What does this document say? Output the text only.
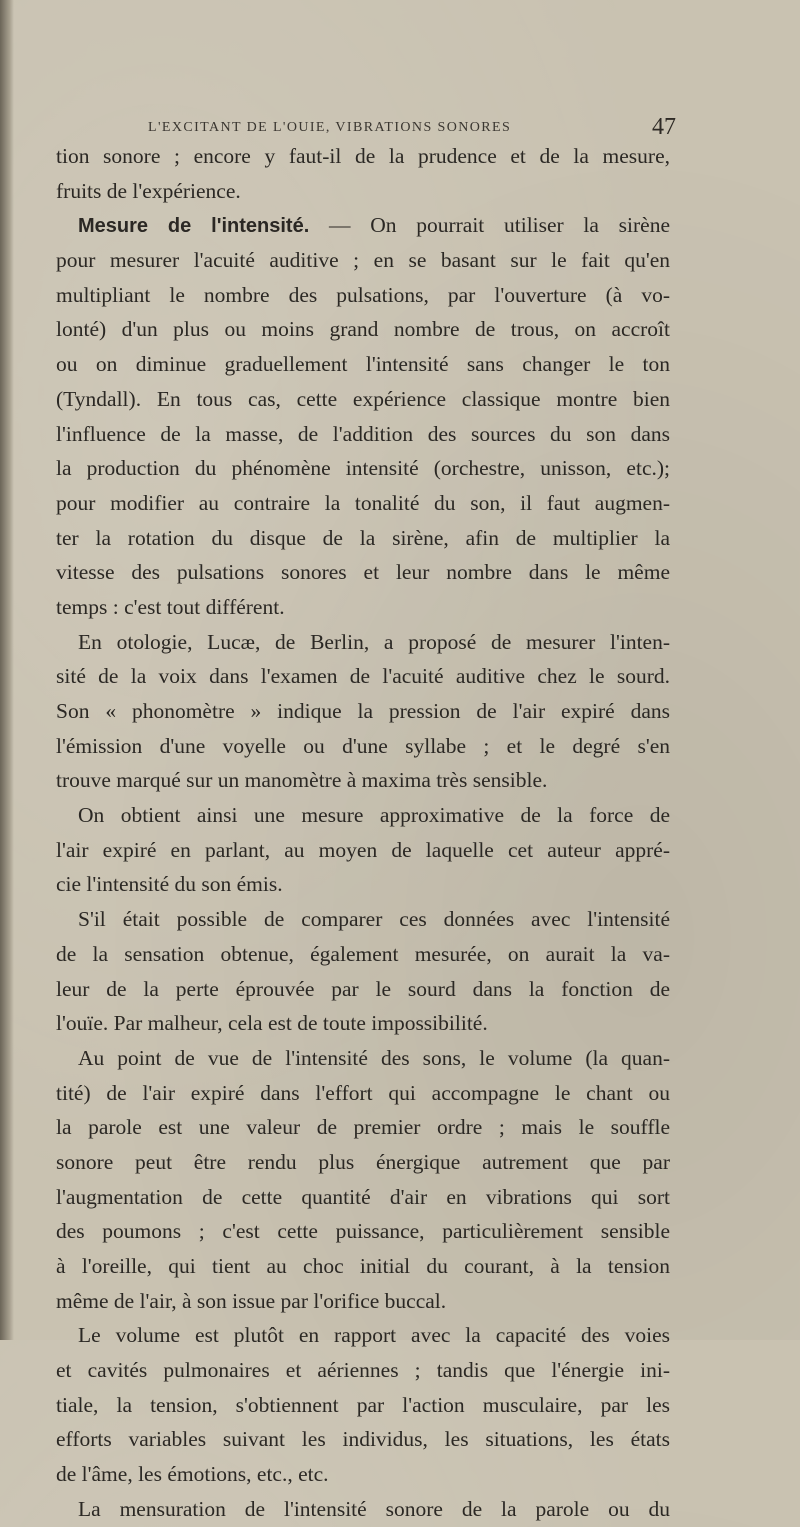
L'EXCITANT DE L'OUIE, VIBRATIONS SONORES	47
tion sonore ; encore y faut-il de la prudence et de la mesure,
fruits de l'expérience.
Mesure de l'intensité. — On pourrait utiliser la sirène
pour mesurer l'acuité auditive ; en se basant sur le fait qu'en
multipliant le nombre des pulsations, par l'ouverture (à vo-
lonté) d'un plus ou moins grand nombre de trous, on accroît
ou on diminue graduellement l'intensité sans changer le ton
(Tyndall). En tous cas, cette expérience classique montre bien
l'influence de la masse, de l'addition des sources du son dans
la production du phénomène intensité (orchestre, unisson, etc.);
pour modifier au contraire la tonalité du son, il faut augmen-
ter la rotation du disque de la sirène, afin de multiplier la
vitesse des pulsations sonores et leur nombre dans le même
temps : c'est tout différent.
En otologie, Lucæ, de Berlin, a proposé de mesurer l'inten-
sité de la voix dans l'examen de l'acuité auditive chez le sourd.
Son « phonomètre » indique la pression de l'air expiré dans
l'émission d'une voyelle ou d'une syllabe ; et le degré s'en
trouve marqué sur un manomètre à maxima très sensible.
On obtient ainsi une mesure approximative de la force de
l'air expiré en parlant, au moyen de laquelle cet auteur appré-
cie l'intensité du son émis.
S'il était possible de comparer ces données avec l'intensité
de la sensation obtenue, également mesurée, on aurait la va-
leur de la perte éprouvée par le sourd dans la fonction de
l'ouïe. Par malheur, cela est de toute impossibilité.
Au point de vue de l'intensité des sons, le volume (la quan-
tité) de l'air expiré dans l'effort qui accompagne le chant ou
la parole est une valeur de premier ordre ; mais le souffle
sonore peut être rendu plus énergique autrement que par
l'augmentation de cette quantité d'air en vibrations qui sort
des poumons ; c'est cette puissance, particulièrement sensible
à l'oreille, qui tient au choc initial du courant, à la tension
même de l'air, à son issue par l'orifice buccal.
Le volume est plutôt en rapport avec la capacité des voies
et cavités pulmonaires et aériennes ; tandis que l'énergie ini-
tiale, la tension, s'obtiennent par l'action musculaire, par les
efforts variables suivant les individus, les situations, les états
de l'âme, les émotions, etc., etc.
La mensuration de l'intensité sonore de la parole ou du
